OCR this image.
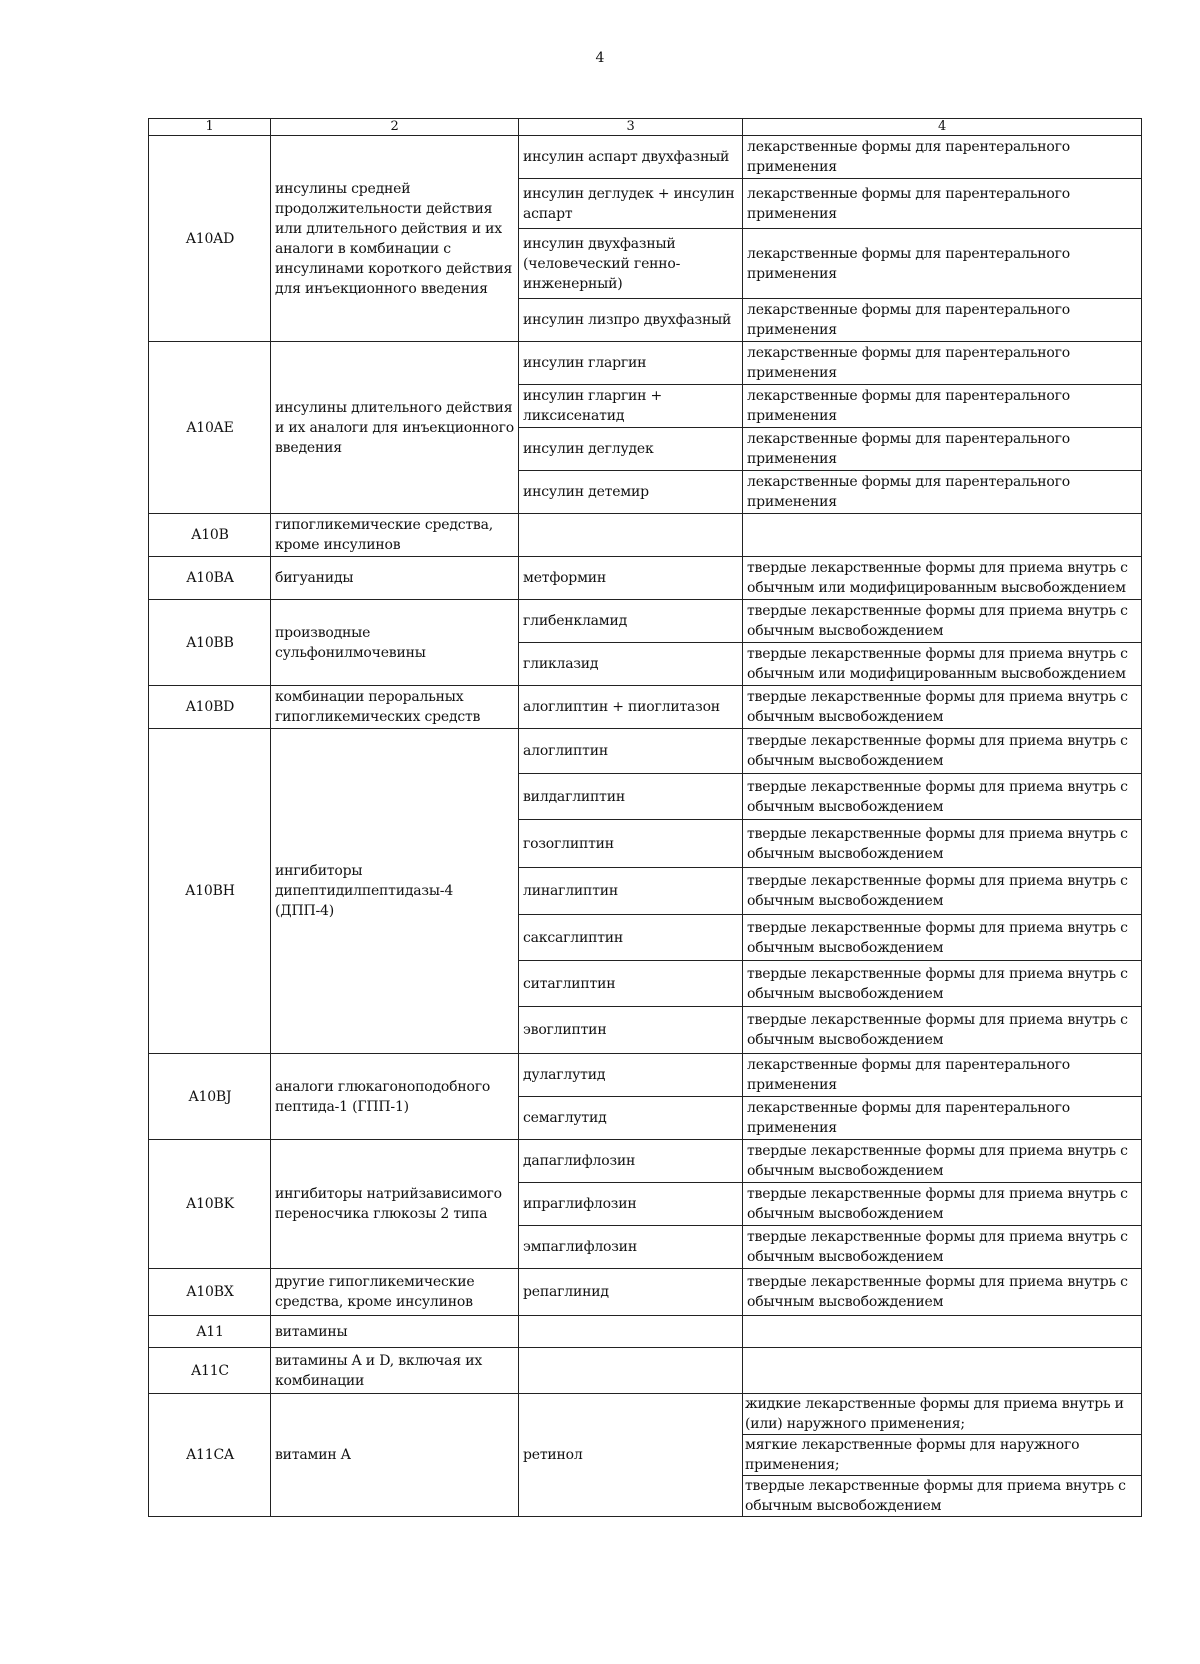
4
1	2	3	4
A10AD	инсулины средней продолжительности действия или длительного действия и их аналоги в комбинации с инсулинами короткого действия для инъекционного введения	инсулин аспарт двухфазный	лекарственные формы для парентерального применения
инсулин деглудек + инсулин аспарт	лекарственные формы для парентерального применения
инсулин двухфазный (человеческий генно-инженерный)	лекарственные формы для парентерального применения
инсулин лизпро двухфазный	лекарственные формы для парентерального применения
A10AE	инсулины длительного действия и их аналоги для инъекционного введения	инсулин гларгин	лекарственные формы для парентерального применения
инсулин гларгин + ликсисенатид	лекарственные формы для парентерального применения
инсулин деглудек	лекарственные формы для парентерального применения
инсулин детемир	лекарственные формы для парентерального применения
A10B	гипогликемические средства, кроме инсулинов		
A10BA	бигуаниды	метформин	твердые лекарственные формы для приема внутрь с обычным или модифицированным высвобождением
A10BB	производные сульфонилмочевины	глибенкламид	твердые лекарственные формы для приема внутрь с обычным высвобождением
гликлазид	твердые лекарственные формы для приема внутрь с обычным или модифицированным высвобождением
A10BD	комбинации пероральных гипогликемических средств	алоглиптин + пиоглитазон	твердые лекарственные формы для приема внутрь с обычным высвобождением
A10BH	ингибиторы дипептидилпептидазы-4 (ДПП-4)	алоглиптин	твердые лекарственные формы для приема внутрь с обычным высвобождением
вилдаглиптин	твердые лекарственные формы для приема внутрь с обычным высвобождением
гозоглиптин	твердые лекарственные формы для приема внутрь с обычным высвобождением
линаглиптин	твердые лекарственные формы для приема внутрь с обычным высвобождением
саксаглиптин	твердые лекарственные формы для приема внутрь с обычным высвобождением
ситаглиптин	твердые лекарственные формы для приема внутрь с обычным высвобождением
эвоглиптин	твердые лекарственные формы для приема внутрь с обычным высвобождением
A10BJ	аналоги глюкагоноподобного пептида-1 (ГПП-1)	дулаглутид	лекарственные формы для парентерального применения
семаглутид	лекарственные формы для парентерального применения
A10BK	ингибиторы натрийзависимого переносчика глюкозы 2 типа	дапаглифлозин	твердые лекарственные формы для приема внутрь с обычным высвобождением
ипраглифлозин	твердые лекарственные формы для приема внутрь с обычным высвобождением
эмпаглифлозин	твердые лекарственные формы для приема внутрь с обычным высвобождением
A10BX	другие гипогликемические средства, кроме инсулинов	репаглинид	твердые лекарственные формы для приема внутрь с обычным высвобождением
A11	витамины		
A11C	витамины A и D, включая их комбинации		
A11CA	витамин A	ретинол	
жидкие лекарственные формы для приема внутрь и (или) наружного применения;
мягкие лекарственные формы для наружного применения;
твердые лекарственные формы для приема внутрь с обычным высвобождением
